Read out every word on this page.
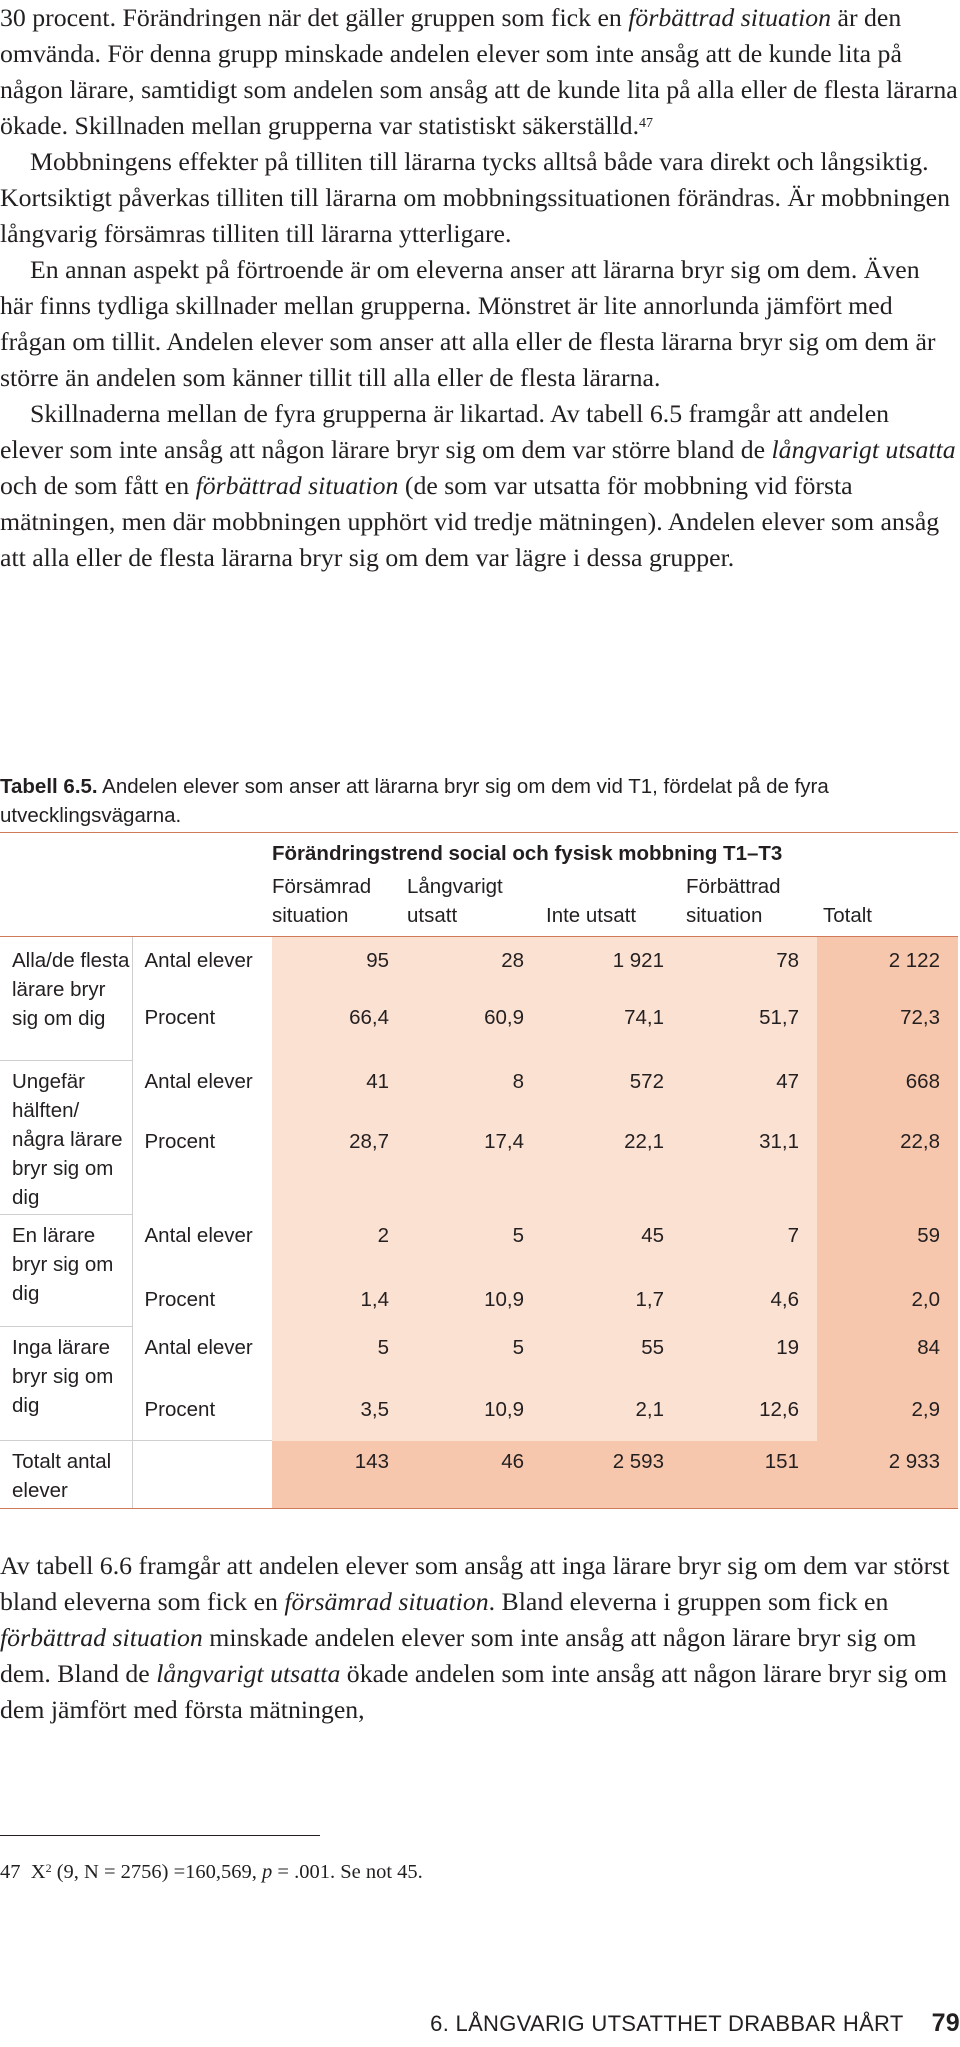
30 procent. Förändringen när det gäller gruppen som fick en förbättrad situation är den omvända. För denna grupp minskade andelen elever som inte ansåg att de kunde lita på någon lärare, samtidigt som andelen som ansåg att de kunde lita på alla eller de flesta lärarna ökade. Skillnaden mellan grupperna var statistiskt säkerställd.$^{47}$

Mobbningens effekter på tilliten till lärarna tycks alltså både vara direkt och långsiktig. Kortsiktigt påverkas tilliten till lärarna om mobbningssituationen förändras. Är mobbningen långvarig försämras tilliten till lärarna ytterligare.

En annan aspekt på förtroende är om eleverna anser att lärarna bryr sig om dem. Även här finns tydliga skillnader mellan grupperna. Mönstret är lite annorlunda jämfört med frågan om tillit. Andelen elever som anser att alla eller de flesta lärarna bryr sig om dem är större än andelen som känner tillit till alla eller de flesta lärarna.

Skillnaderna mellan de fyra grupperna är likartad. Av tabell 6.5 framgår att andelen elever som inte ansåg att någon lärare bryr sig om dem var större bland de långvarigt utsatta och de som fått en förbättrad situation (de som var utsatta för mobbning vid första mätningen, men där mobbningen upphört vid tredje mätningen). Andelen elever som ansåg att alla eller de flesta lärarna bryr sig om dem var lägre i dessa grupper.

Tabell 6.5. Andelen elever som anser att lärarna bryr sig om dem vid T1, fördelat på de fyra utvecklingsvägarna.
		Förändringstrend social och fysisk mobbning T1–T3				
		Försämrad situation	Långvarigt utsatt	Inte utsatt	Förbättrad situation	Totalt
Alla/de flesta lärare bryr sig om dig	Antal elever	95	28	1 921	78	2 122
	Procent	66,4	60,9	74,1	51,7	72,3
Ungefär hälften/ några lärare bryr sig om dig	Antal elever	41	8	572	47	668
	Procent	28,7	17,4	22,1	31,1	22,8
En lärare bryr sig om dig	Antal elever	2	5	45	7	59
	Procent	1,4	10,9	1,7	4,6	2,0
Inga lärare bryr sig om dig	Antal elever	5	5	55	19	84
	Procent	3,5	10,9	2,1	12,6	2,9
Totalt antal elever		143	46	2 593	151	2 933

Av tabell 6.6 framgår att andelen elever som ansåg att inga lärare bryr sig om dem var störst bland eleverna som fick en försämrad situation. Bland eleverna i gruppen som fick en förbättrad situation minskade andelen elever som inte ansåg att någon lärare bryr sig om dem. Bland de långvarigt utsatta ökade andelen som inte ansåg att någon lärare bryr sig om dem jämfört med första mätningen,

47 $X^2$ (9, N = 2756) =160,569, p = .001. Se not 45.
6. LÅNGVARIG UTSATTHET DRABBAR HÅRT 79
